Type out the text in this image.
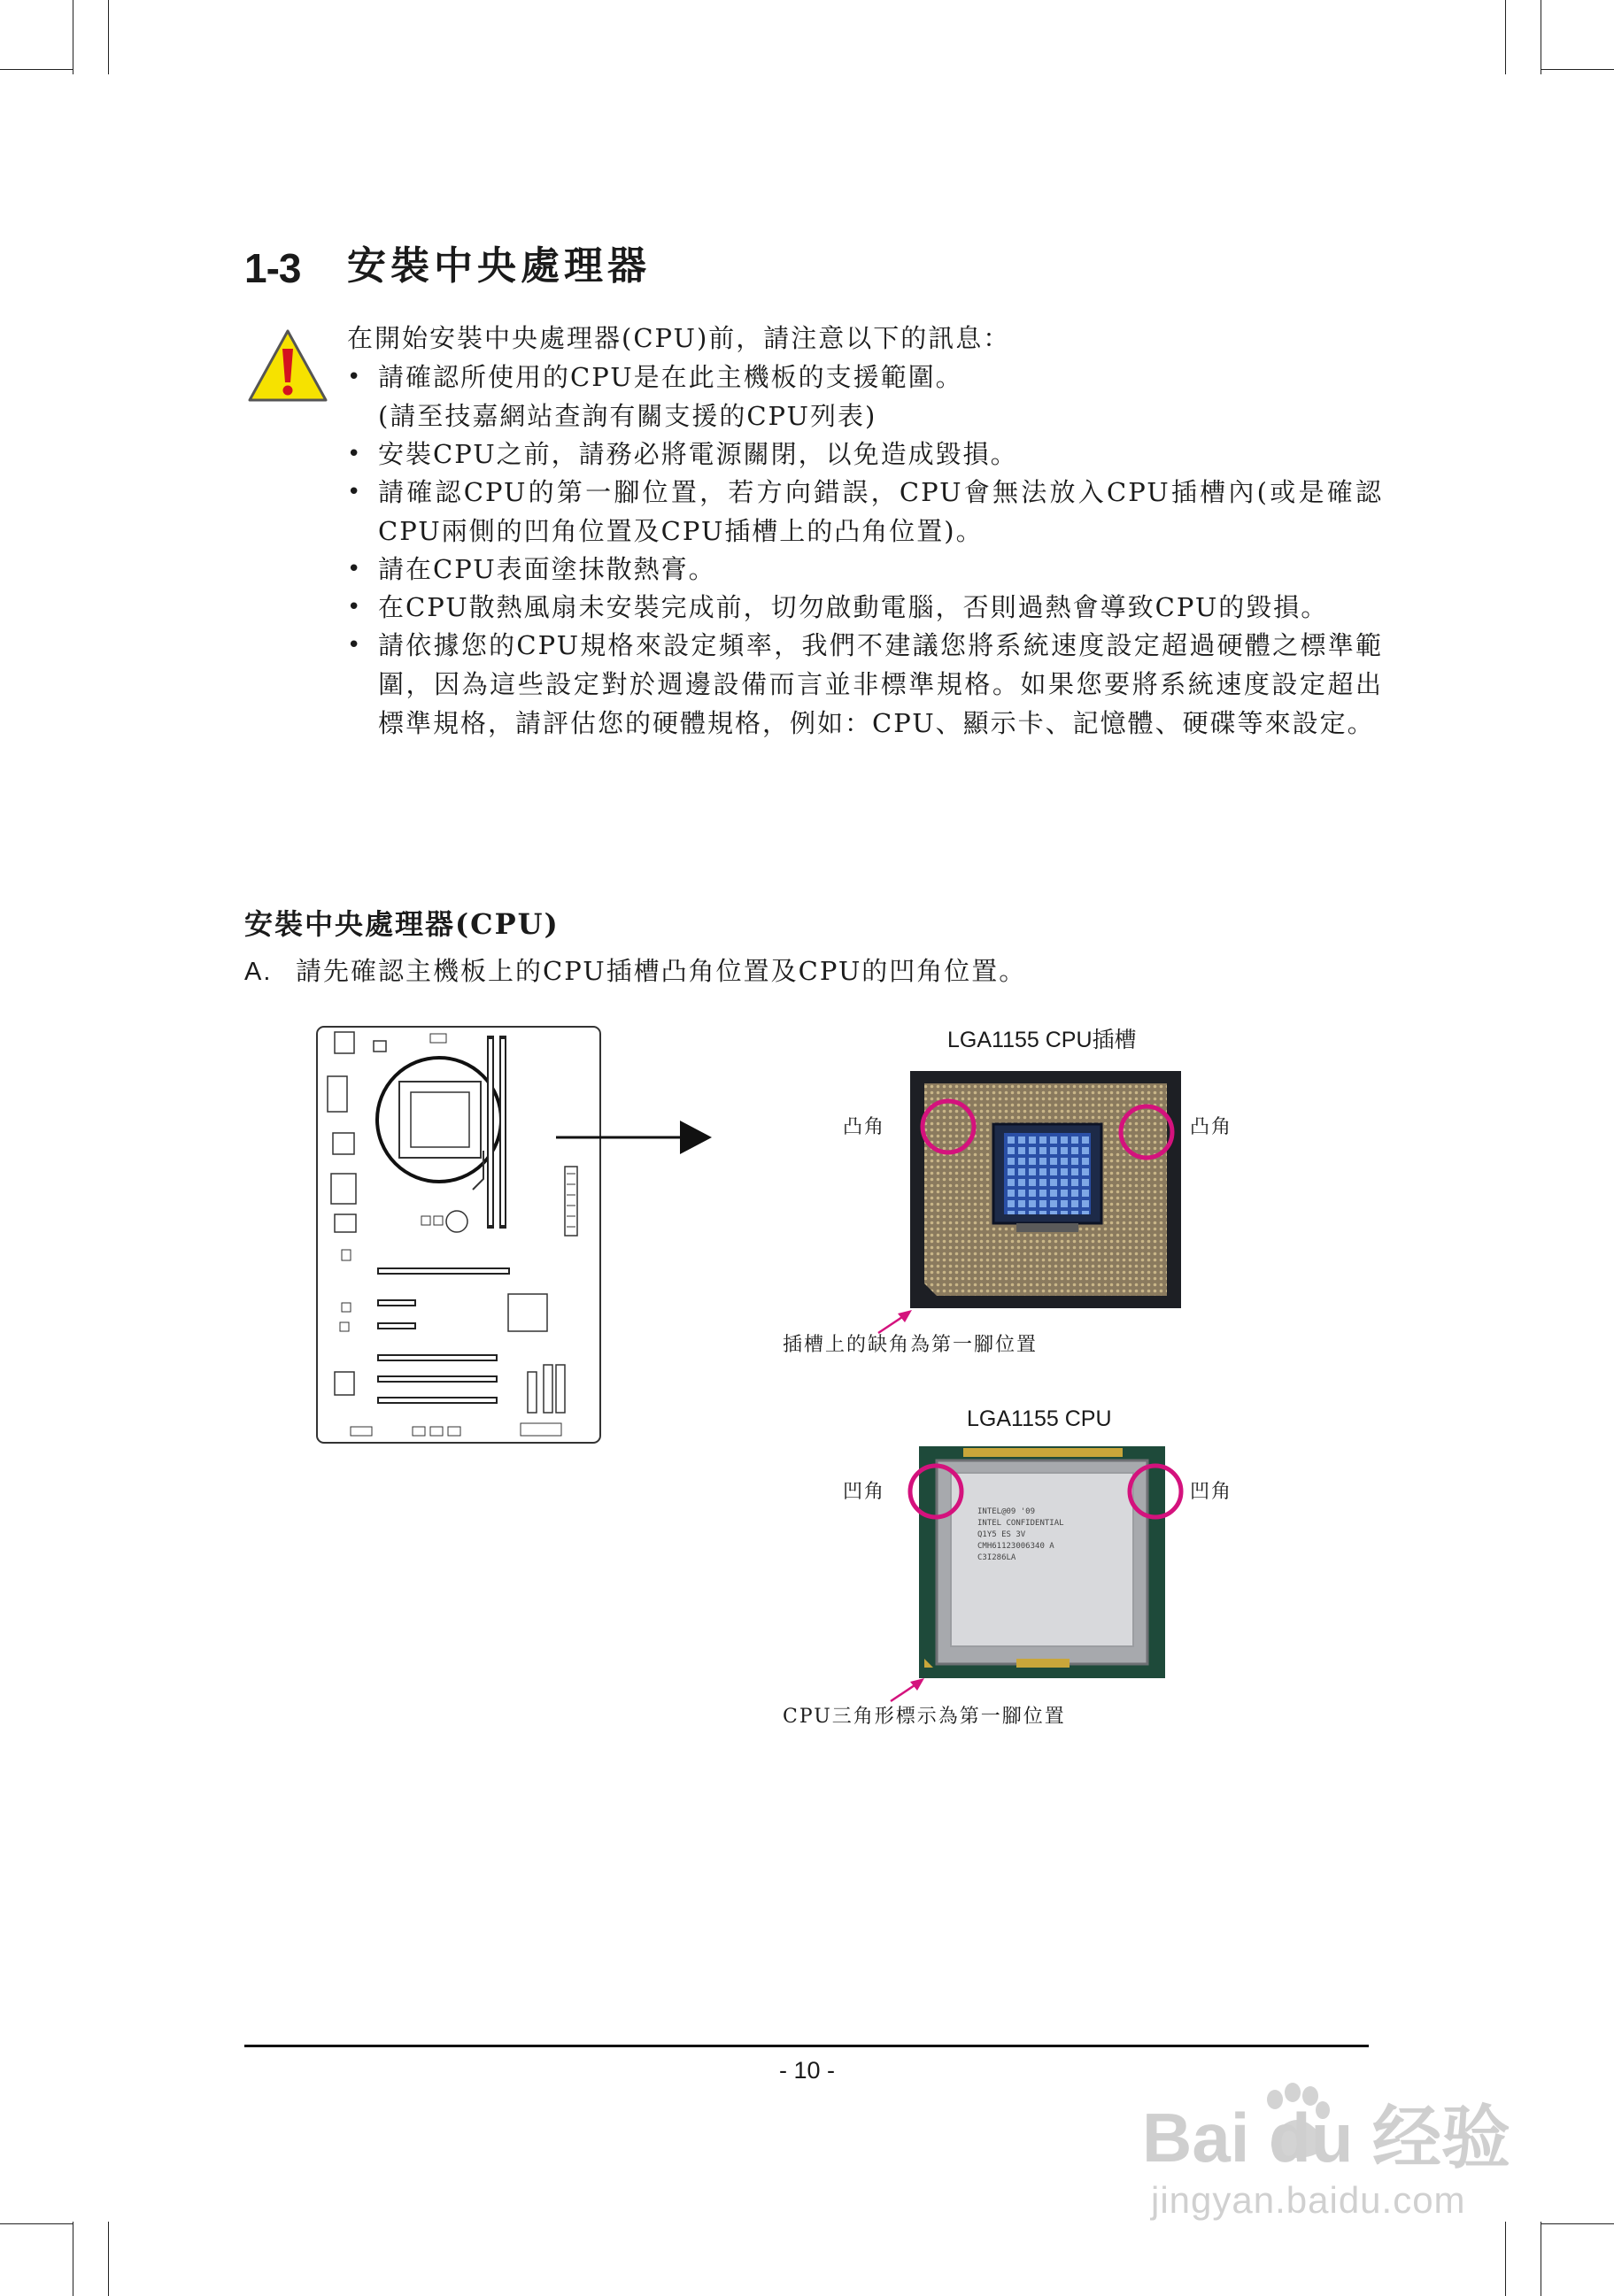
1-3 安裝中央處理器
在開始安裝中央處理器(CPU)前，請注意以下的訊息：
• 請確認所使用的CPU是在此主機板的支援範圍。
(請至技嘉網站查詢有關支援的CPU列表)
• 安裝CPU之前，請務必將電源關閉，以免造成毀損。
• 請確認CPU的第一腳位置，若方向錯誤，CPU會無法放入CPU插槽內(或是確認CPU兩側的凹角位置及CPU插槽上的凸角位置)。
• 請在CPU表面塗抹散熱膏。
• 在CPU散熱風扇未安裝完成前，切勿啟動電腦，否則過熱會導致CPU的毀損。
• 請依據您的CPU規格來設定頻率，我們不建議您將系統速度設定超過硬體之標準範圍，因為這些設定對於週邊設備而言並非標準規格。如果您要將系統速度設定超出標準規格，請評估您的硬體規格，例如：CPU、顯示卡、記憶體、硬碟等來設定。
安裝中央處理器(CPU)
A. 請先確認主機板上的CPU插槽凸角位置及CPU的凹角位置。
LGA1155 CPU插槽
凸角	凸角
插槽上的缺角為第一腳位置
LGA1155 CPU
INTEL@09 '09
INTEL CONFIDENTIAL
Q1Y5 ES 3V
CMH61123006340 A
C3I286LA
凹角	凹角
CPU三角形標示為第一腳位置
- 10 -
Bai du 经验
jingyan.baidu.com
